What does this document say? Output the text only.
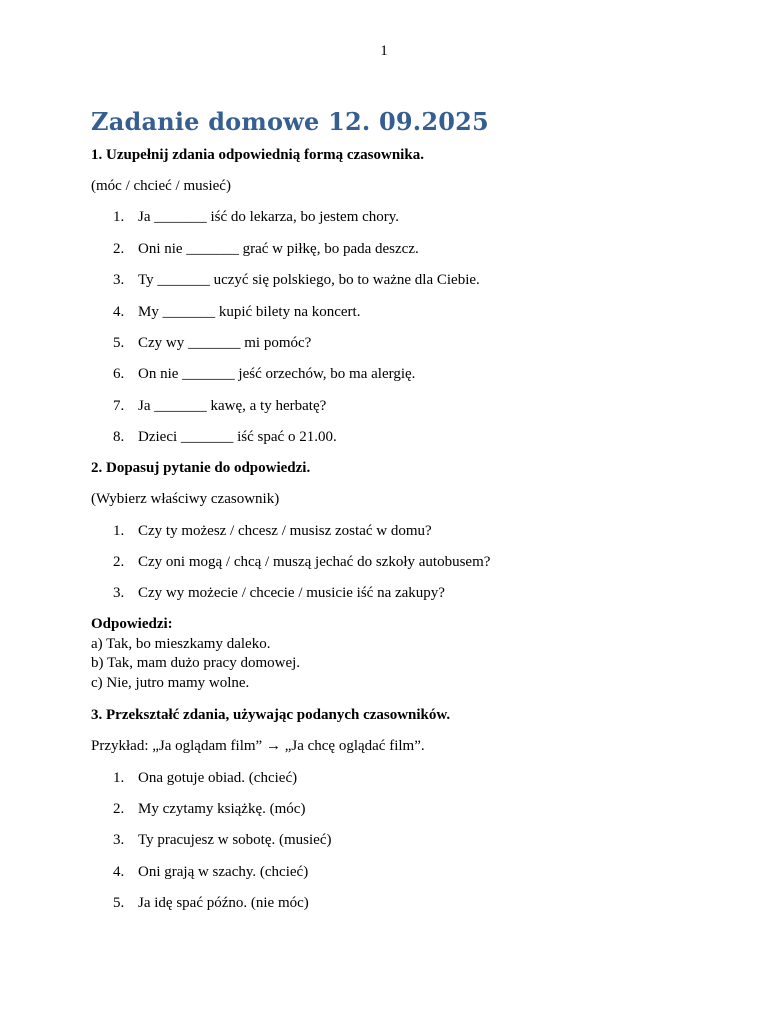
1
Zadanie domowe 12. 09.2025

1. Uzupełnij zdania odpowiednią formą czasownika.

(móc / chcieć / musieć)

1. Ja _______ iść do lekarza, bo jestem chory.
2. Oni nie _______ grać w piłkę, bo pada deszcz.
3. Ty _______ uczyć się polskiego, bo to ważne dla Ciebie.
4. My _______ kupić bilety na koncert.
5. Czy wy _______ mi pomóc?
6. On nie _______ jeść orzechów, bo ma alergię.
7. Ja _______ kawę, a ty herbatę?
8. Dzieci _______ iść spać o 21.00.

2. Dopasuj pytanie do odpowiedzi.

(Wybierz właściwy czasownik)

1. Czy ty możesz / chcesz / musisz zostać w domu?
2. Czy oni mogą / chcą / muszą jechać do szkoły autobusem?
3. Czy wy możecie / chcecie / musicie iść na zakupy?
Odpowiedzi:
a) Tak, bo mieszkamy daleko.
b) Tak, mam dużo pracy domowej.
c) Nie, jutro mamy wolne.

3. Przekształć zdania, używając podanych czasowników.

Przykład: „Ja oglądam film” → „Ja chcę oglądać film”.

1. Ona gotuje obiad. (chcieć)
2. My czytamy książkę. (móc)
3. Ty pracujesz w sobotę. (musieć)
4. Oni grają w szachy. (chcieć)
5. Ja idę spać późno. (nie móc)
